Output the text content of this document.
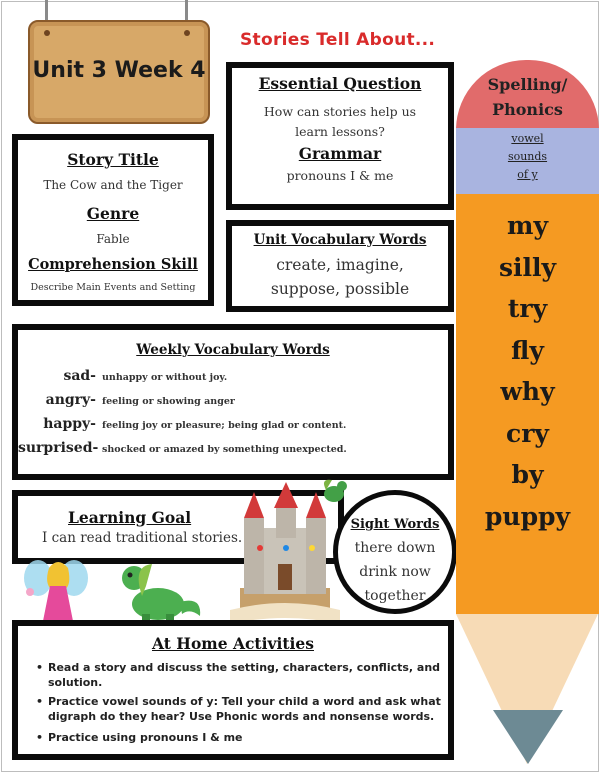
Unit 3 Week 4
Stories Tell About...
Essential Question
How can stories help us
learn lessons?
Grammar
pronouns I & me
Story Title
The Cow and the Tiger
Genre
Fable
Comprehension Skill
Describe Main Events and Setting
Unit Vocabulary Words
create, imagine,
suppose, possible
Weekly Vocabulary Words
sad- unhappy or without joy.
angry- feeling or showing anger
happy- feeling joy or pleasure; being glad or content.
surprised- shocked or amazed by something unexpected.
Learning Goal
I can read traditional stories.
Sight Words
there down
drink now
together
Spelling/
Phonics
vowel
sounds
of y
my
silly
try
fly
why
cry
by
puppy
At Home Activities
• Read a story and discuss the setting, characters, conflicts, and solution.
• Practice vowel sounds of y: Tell your child a word and ask what digraph do they hear? Use Phonic words and nonsense words.
• Practice using pronouns I & me
